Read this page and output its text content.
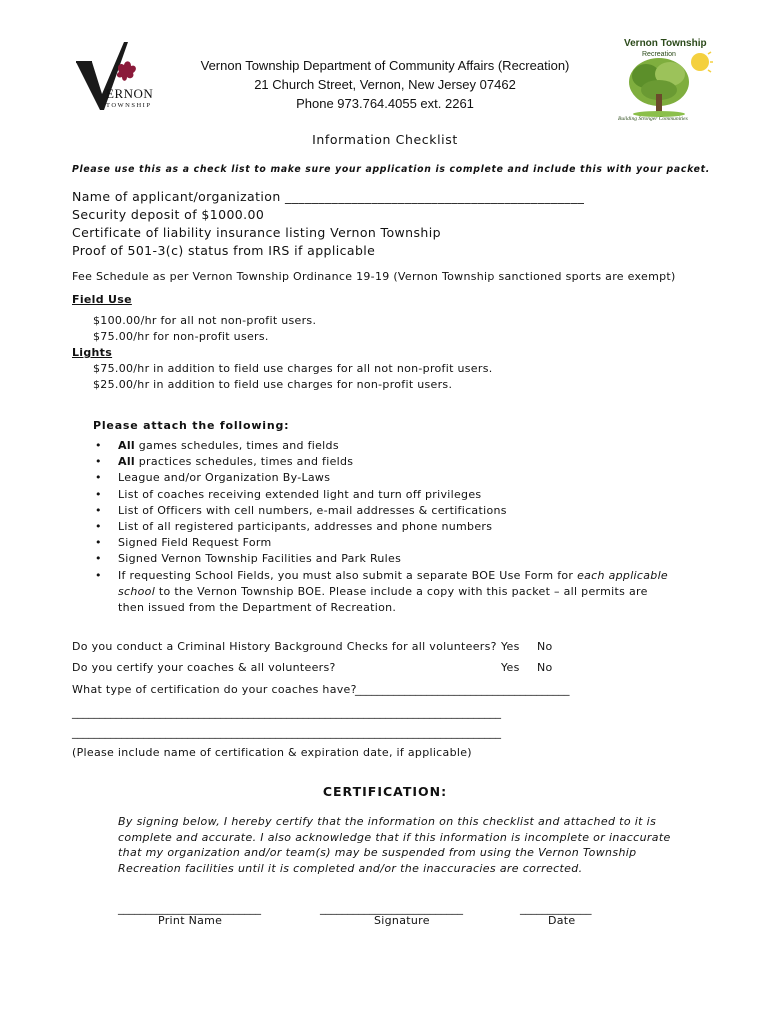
ERNON
TOWNSHIP
Vernon Township
Recreation
Building Stronger Communities
Vernon Township Department of Community Affairs (Recreation)
21 Church Street, Vernon, New Jersey 07462
Phone 973.764.4055 ext. 2261
Information Checklist
Please use this as a check list to make sure your application is complete and include this with your packet.
Name of applicant/organization _____________________________________________
Security deposit of $1000.00
Certificate of liability insurance listing Vernon Township
Proof of 501-3(c) status from IRS if applicable
Fee Schedule as per Vernon Township Ordinance 19-19 (Vernon Township sanctioned sports are exempt)
Field Use
$100.00/hr for all not non-profit users.
$75.00/hr for non-profit users.
Lights
$75.00/hr in addition to field use charges for all not non-profit users.
$25.00/hr in addition to field use charges for non-profit users.
Please attach the following:
• All games schedules, times and fields
• All practices schedules, times and fields
• League and/or Organization By-Laws
• List of coaches receiving extended light and turn off privileges
• List of Officers with cell numbers, e-mail addresses & certifications
• List of all registered participants, addresses and phone numbers
• Signed Field Request Form
• Signed Vernon Township Facilities and Park Rules
• If requesting School Fields, you must also submit a separate BOE Use Form for each applicable school to the Vernon Township BOE. Please include a copy with this packet – all permits are then issued from the Department of Recreation.
Do you conduct a Criminal History Background Checks for all volunteers? Yes No
Do you certify your coaches & all volunteers?	Yes No
What type of certification do your coaches have?
_______________________________________
______________________________________________________________________________
______________________________________________________________________________
(Please include name of certification & expiration date, if applicable)
CERTIFICATION:
By signing below, I hereby certify that the information on this checklist and attached to it is complete and accurate. I also acknowledge that if this information is incomplete or inaccurate that my organization and/or team(s) may be suspended from using the Vernon Township Recreation facilities until it is completed and/or the inaccuracies are corrected.
__________________________	__________________________	_____________
Print Name	Signature	Date
